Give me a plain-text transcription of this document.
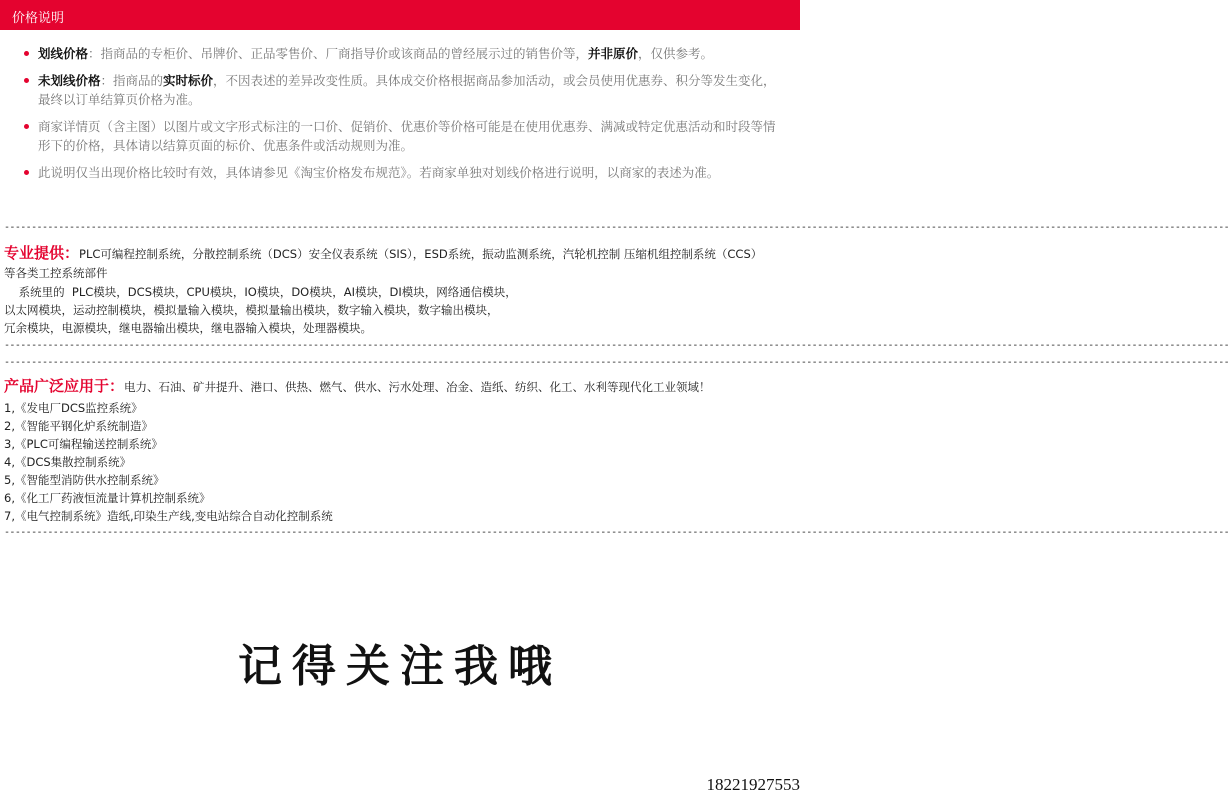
价格说明
划线价格：指商品的专柜价、吊牌价、正品零售价、厂商指导价或该商品的曾经展示过的销售价等，并非原价，仅供参考。
未划线价格：指商品的实时标价，不因表述的差异改变性质。具体成交价格根据商品参加活动，或会员使用优惠券、积分等发生变化，最终以订单结算页价格为准。
商家详情页（含主图）以图片或文字形式标注的一口价、促销价、优惠价等价格可能是在使用优惠券、满减或特定优惠活动和时段等情形下的价格，具体请以结算页面的标价、优惠条件或活动规则为准。
此说明仅当出现价格比较时有效，具体请参见《淘宝价格发布规范》。若商家单独对划线价格进行说明，以商家的表述为准。
----------------------------------------------------------------------------------------------------------------------------------------------------------------------------------------------------------------------------------
专业提供：PLC可编程控制系统，分散控制系统（DCS）安全仪表系统（SIS），ESD系统，振动监测系统，汽轮机控制 压缩机组控制系统（CCS）
等各类工控系统部件
系统里的  PLC模块，DCS模块，CPU模块，IO模块，DO模块，AI模块，DI模块，网络通信模块，
以太网模块，运动控制模块，模拟量输入模块，模拟量输出模块，数字输入模块，数字输出模块，
冗余模块，电源模块，继电器输出模块，继电器输入模块，处理器模块。
----------------------------------------------------------------------------------------------------------------------------------------------------------------------------------------------------------------------------------
----------------------------------------------------------------------------------------------------------------------------------------------------------------------------------------------------------------------------------
产品广泛应用于：电力、石油、矿井提升、港口、供热、燃气、供水、污水处理、冶金、造纸、纺织、化工、水利等现代化工业领域！
1,《发电厂DCS监控系统》
2,《智能平钢化炉系统制造》
3,《PLC可编程输送控制系统》
4,《DCS集散控制系统》
5,《智能型消防供水控制系统》
6,《化工厂药液恒流量计算机控制系统》
7,《电气控制系统》造纸,印染生产线,变电站综合自动化控制系统
----------------------------------------------------------------------------------------------------------------------------------------------------------------------------------------------------------------------------------
记得关注我哦
18221927553
